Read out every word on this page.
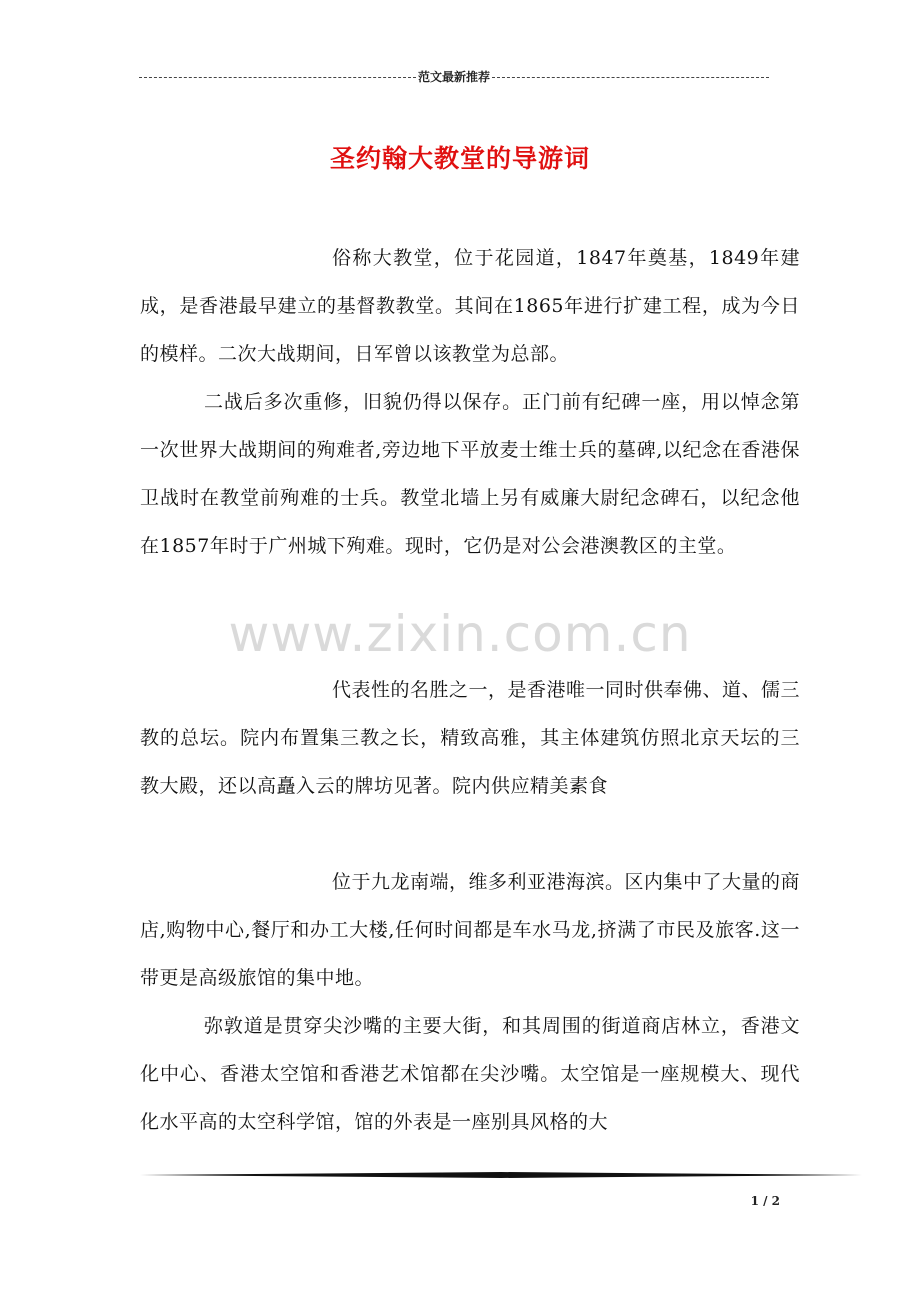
范文最新推荐
圣约翰大教堂的导游词

俗称大教堂，位于花园道，1847年奠基，1849年建成，是香港最早建立的基督教教堂。其间在1865年进行扩建工程，成为今日的模样。二次大战期间，日军曾以该教堂为总部。

二战后多次重修，旧貌仍得以保存。正门前有纪碑一座，用以悼念第一次世界大战期间的殉难者,旁边地下平放麦士维士兵的墓碑,以纪念在香港保卫战时在教堂前殉难的士兵。教堂北墙上另有威廉大尉纪念碑石，以纪念他在1857年时于广州城下殉难。现时，它仍是对公会港澳教区的主堂。

www.zixin.com.cn

代表性的名胜之一，是香港唯一同时供奉佛、道、儒三教的总坛。院内布置集三教之长，精致高雅，其主体建筑仿照北京天坛的三教大殿，还以高矗入云的牌坊见著。院内供应精美素食

位于九龙南端，维多利亚港海滨。区内集中了大量的商店,购物中心,餐厅和办工大楼,任何时间都是车水马龙,挤满了市民及旅客.这一带更是高级旅馆的集中地。

弥敦道是贯穿尖沙嘴的主要大街，和其周围的街道商店林立，香港文化中心、香港太空馆和香港艺术馆都在尖沙嘴。太空馆是一座规模大、现代化水平高的太空科学馆，馆的外表是一座别具风格的大

1 / 2
